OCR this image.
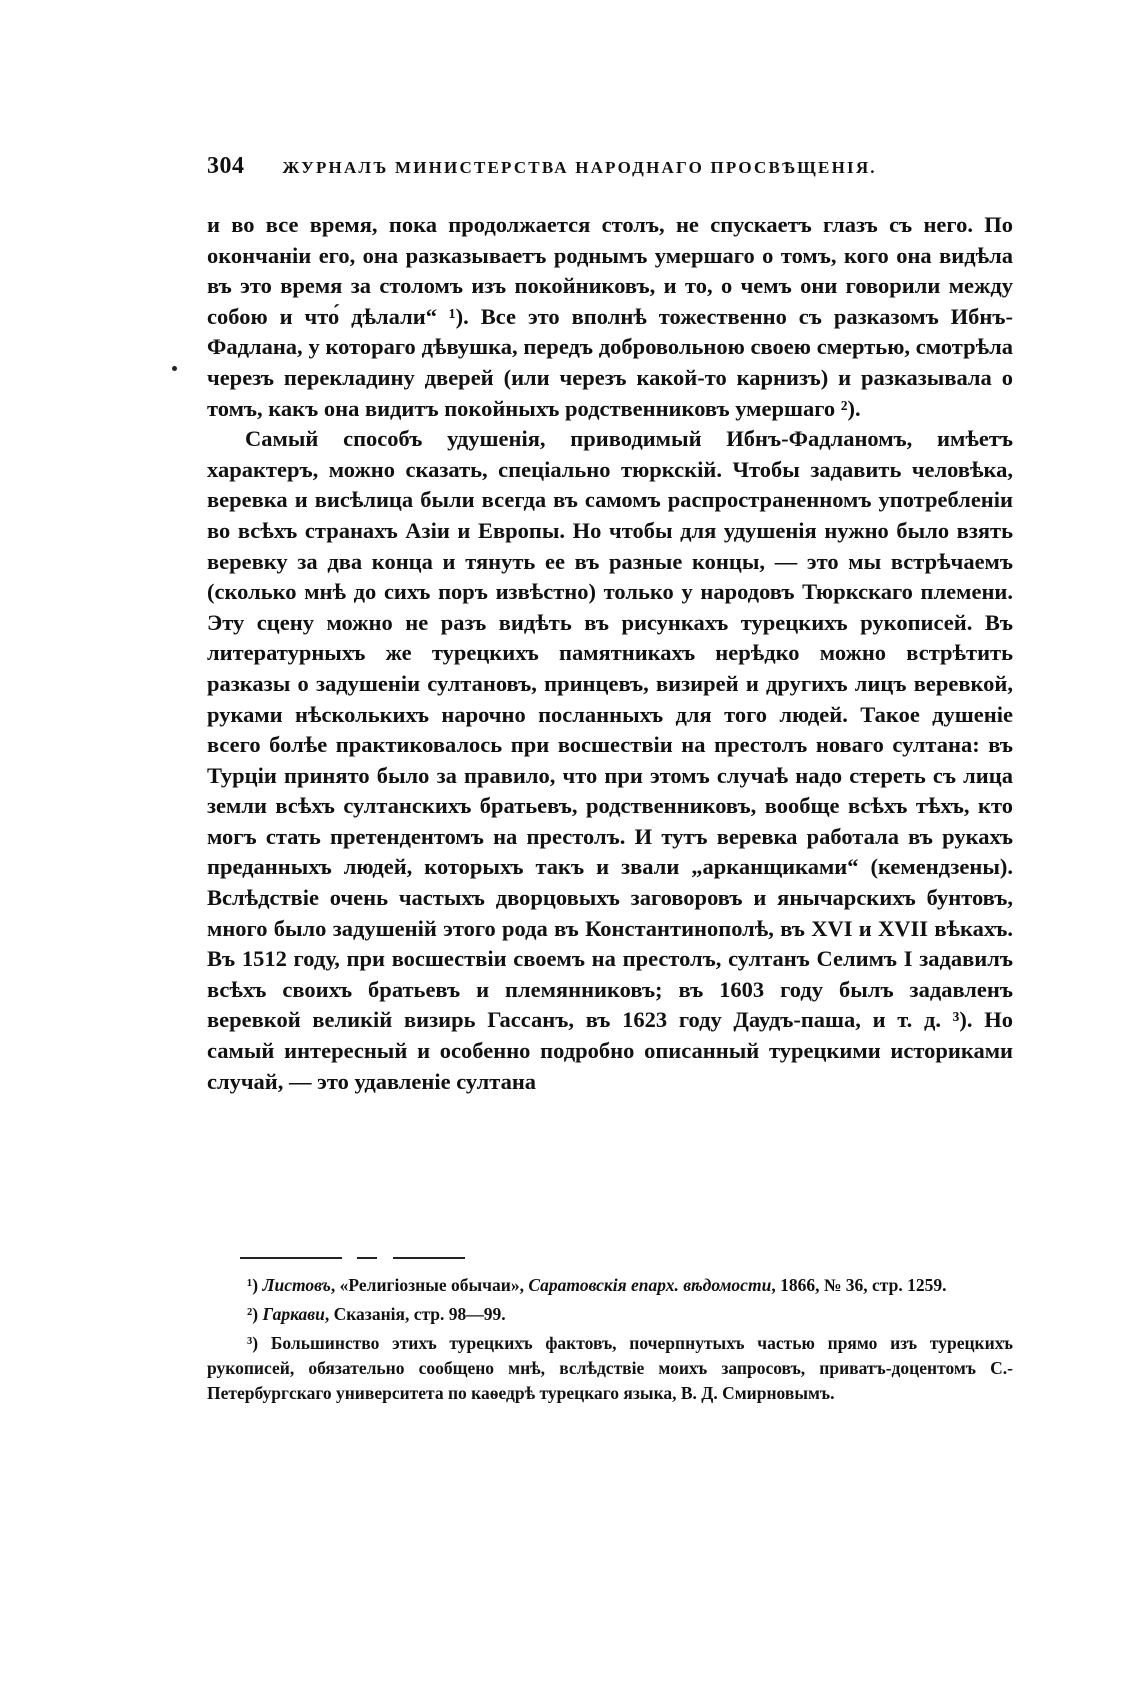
304 ЖУРНАЛЪ МИНИСТЕРСТВА НАРОДНАГО ПРОСВѢЩЕНІЯ.

и во все время, пока продолжается столъ, не спускаетъ глазъ съ него. По окончаніи его, она разказываетъ роднымъ умершаго о томъ, кого она видѣла въ это время за столомъ изъ покойниковъ, и то, о чемъ они говорили между собою и что́ дѣлали“ ¹). Все это вполнѣ тожественно съ разказомъ Ибнъ-Фадлана, у котораго дѣвушка, передъ добровольною своею смертью, смотрѣла черезъ перекладину дверей (или черезъ какой-то карнизъ) и разказывала о томъ, какъ она видитъ покойныхъ родственниковъ умершаго ²).

Самый способъ удушенія, приводимый Ибнъ-Фадланомъ, имѣетъ характеръ, можно сказать, спеціально тюркскій. Чтобы задавить человѣка, веревка и висѣлица были всегда въ самомъ распространенномъ употребленіи во всѣхъ странахъ Азіи и Европы. Но чтобы для удушенія нужно было взять веревку за два конца и тянуть ее въ разные концы, — это мы встрѣчаемъ (сколько мнѣ до сихъ поръ извѣстно) только у народовъ Тюркскаго племени. Эту сцену можно не разъ видѣть въ рисункахъ турецкихъ рукописей. Въ литературныхъ же турецкихъ памятникахъ нерѣдко можно встрѣтить разказы о задушеніи султановъ, принцевъ, визирей и другихъ лицъ веревкой, руками нѣсколькихъ нарочно посланныхъ для того людей. Такое душеніе всего болѣе практиковалось при восшествіи на престолъ новаго султана: въ Турціи принято было за правило, что при этомъ случаѣ надо стереть съ лица земли всѣхъ султанскихъ братьевъ, родственниковъ, вообще всѣхъ тѣхъ, кто могъ стать претендентомъ на престолъ. И тутъ веревка работала въ рукахъ преданныхъ людей, которыхъ такъ и звали „арканщиками“ (кемендзены). Вслѣдствіе очень частыхъ дворцовыхъ заговоровъ и янычарскихъ бунтовъ, много было задушеній этого рода въ Константинополѣ, въ XVI и XVII вѣкахъ. Въ 1512 году, при восшествіи своемъ на престолъ, султанъ Селимъ I задавилъ всѣхъ своихъ братьевъ и племянниковъ; въ 1603 году былъ задавленъ веревкой великій визирь Гассанъ, въ 1623 году Даудъ-паша, и т. д. ³). Но самый интересный и особенно подробно описанный турецкими историками случай, — это удавленіе султана

¹) Листовъ, «Религіозные обычаи», Саратовскія епарх. вѣдомости, 1866, № 36, стр. 1259.

²) Гаркави, Сказанія, стр. 98—99.

³) Большинство этихъ турецкихъ фактовъ, почерпнутыхъ частью прямо изъ турецкихъ рукописей, обязательно сообщено мнѣ, вслѣдствіе моихъ запросовъ, приватъ-доцентомъ С.-Петербургскаго университета по каѳедрѣ турецкаго языка, В. Д. Смирновымъ.
